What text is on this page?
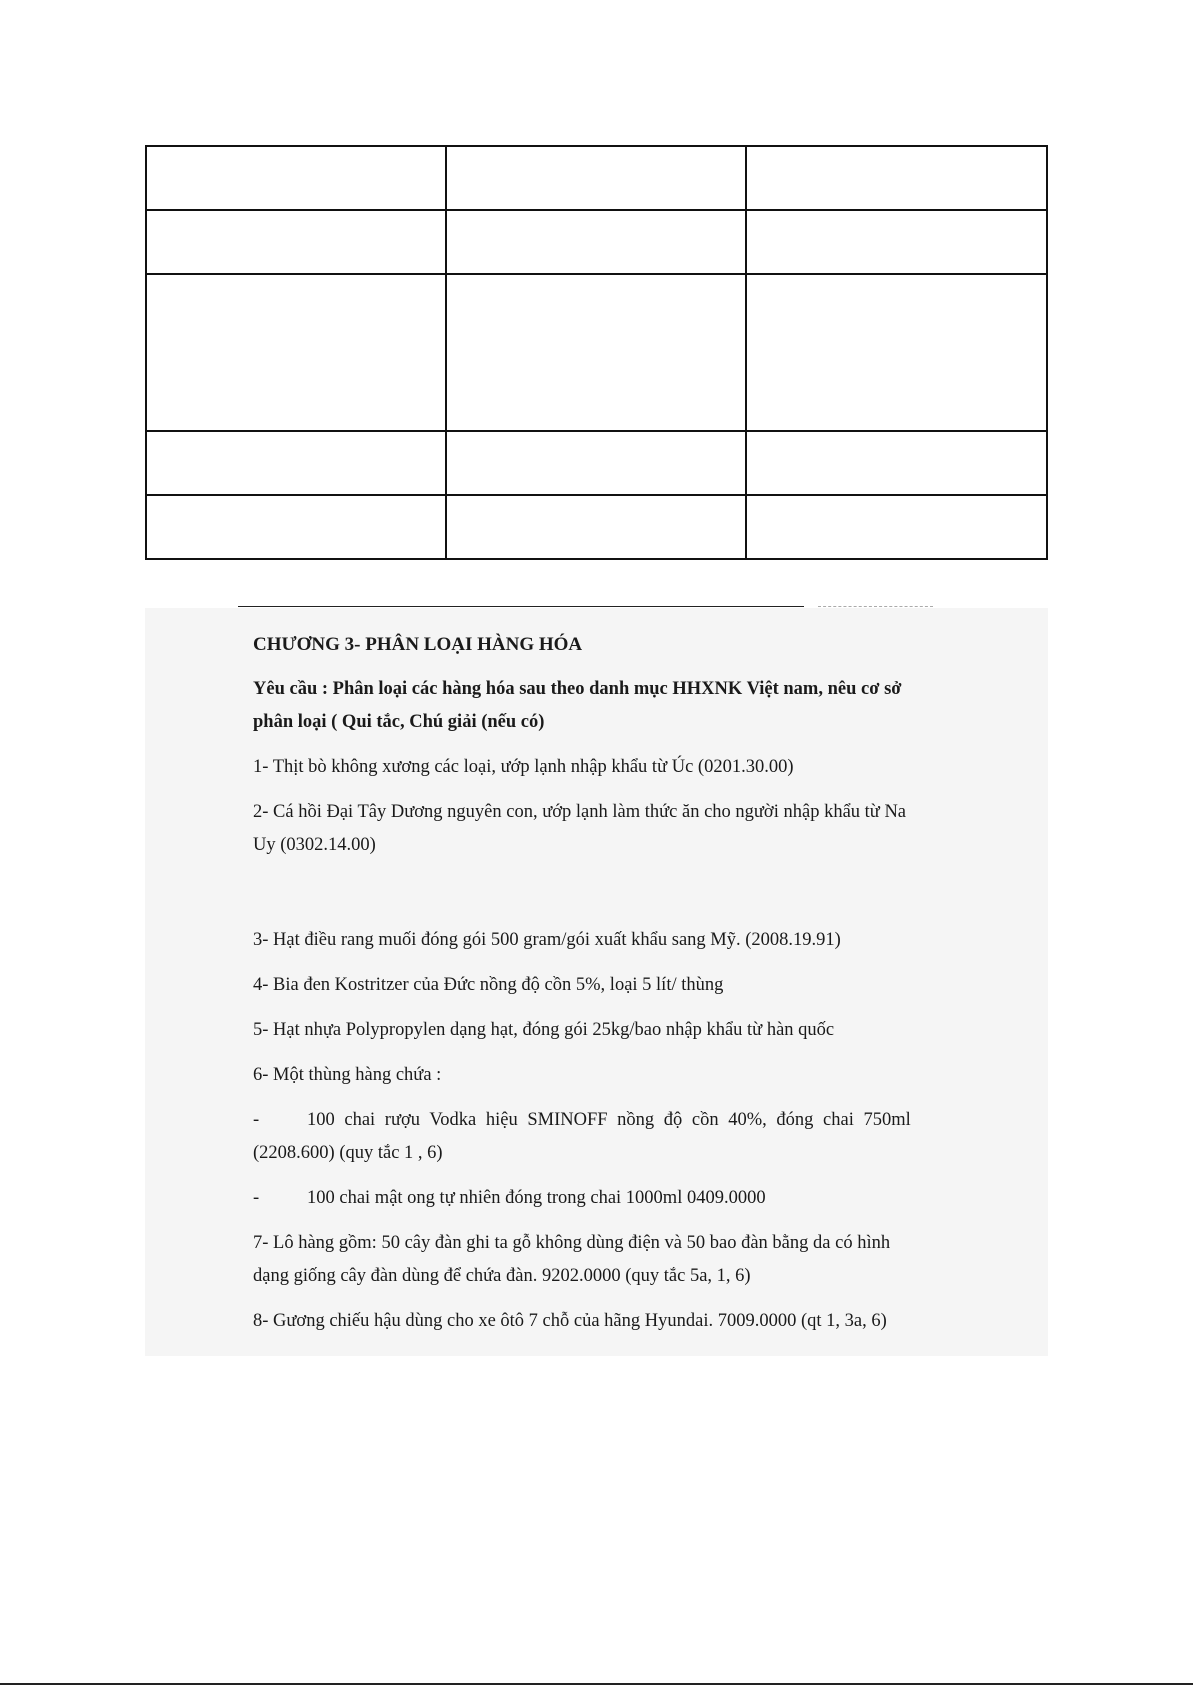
CHƯƠNG 3- PHÂN LOẠI HÀNG HÓA

Yêu cầu : Phân loại các hàng hóa sau theo danh mục HHXNK Việt nam, nêu cơ sở
phân loại ( Qui tắc, Chú giải (nếu có)

1- Thịt bò không xương các loại, ướp lạnh nhập khẩu từ Úc (0201.30.00)

2- Cá hồi Đại Tây Dương nguyên con, ướp lạnh làm thức ăn cho người nhập khẩu từ Na
Uy (0302.14.00)

3- Hạt điều rang muối đóng gói 500 gram/gói xuất khẩu sang Mỹ. (2008.19.91)

4- Bia đen Kostritzer của Đức nồng độ cồn 5%, loại 5 lít/ thùng

5- Hạt nhựa Polypropylen dạng hạt, đóng gói 25kg/bao nhập khẩu từ hàn quốc

6- Một thùng hàng chứa :

-	100 chai rượu Vodka hiệu SMINOFF nồng độ cồn 40%, đóng chai 750ml
(2208.600) (quy tắc 1 , 6)

-	100 chai mật ong tự nhiên đóng trong chai 1000ml 0409.0000

7- Lô hàng gồm: 50 cây đàn ghi ta gỗ không dùng điện và 50 bao đàn bằng da có hình
dạng giống cây đàn dùng để chứa đàn. 9202.0000 (quy tắc 5a, 1, 6)

8- Gương chiếu hậu dùng cho xe ôtô 7 chỗ của hãng Hyundai. 7009.0000 (qt 1, 3a, 6)
